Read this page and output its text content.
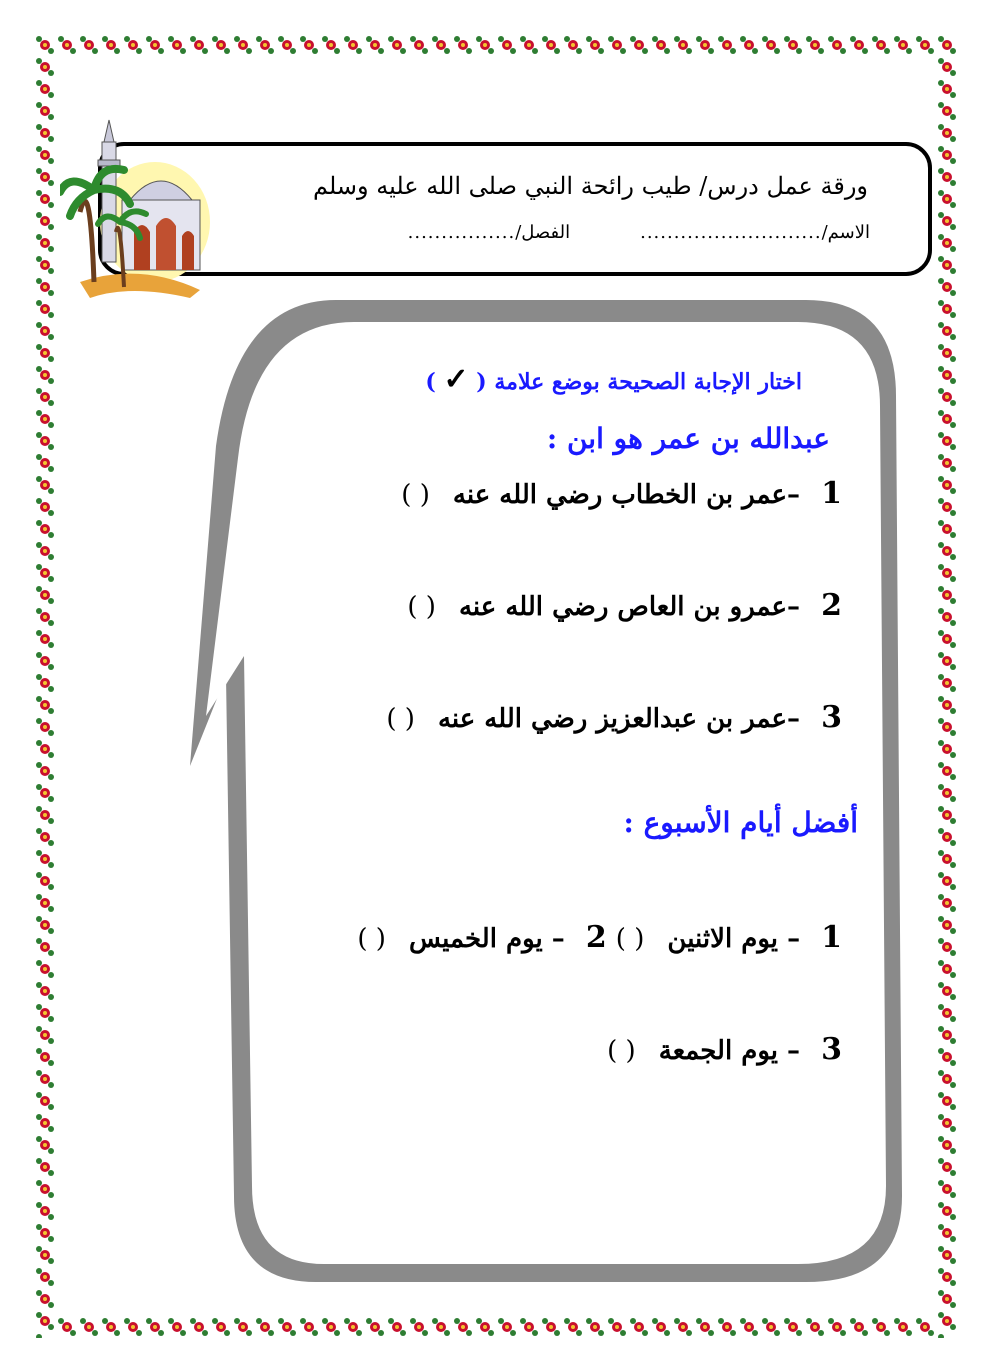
ورقة عمل درس/ طيب رائحة النبي صلى الله عليه وسلم
الاسم/
...........................
الفصل/
................
اختار الإجابة الصحيحة بوضع علامة ( ✓ )
عبدالله بن عمر هو ابن :
1 –عمر بن الخطاب رضي الله عنه ( )
2 –عمرو بن العاص رضي الله عنه ( )
3 –عمر بن عبدالعزيز رضي الله عنه ( )
أفضل أيام الأسبوع :
1 – يوم الاثنين ( ) 2 – يوم الخميس ( )
3 – يوم الجمعة ( )
